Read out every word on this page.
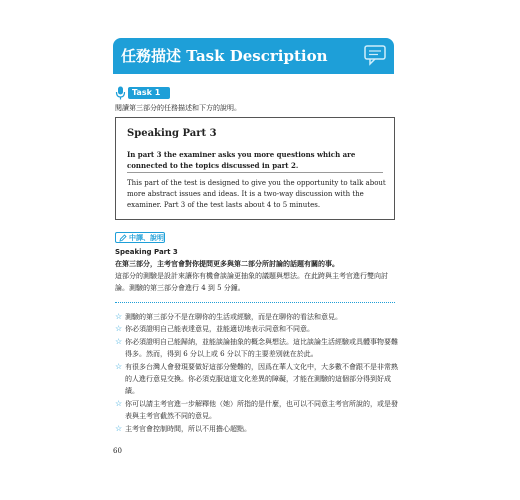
任務描述 Task Description
Task 1
閱讀第三部分的任務描述和下方的說明。
Speaking Part 3
In part 3 the examiner asks you more questions which are connected to the topics discussed in part 2.
This part of the test is designed to give you the opportunity to talk about more abstract issues and ideas. It is a two-way discussion with the examiner. Part 3 of the test lasts about 4 to 5 minutes.
中譯、說明
Speaking Part 3
在第三部分，主考官會對你提問更多與第二部分所討論的話題有關的事。
這部分的測驗是設計來讓你有機會談論更抽象的議題與想法。在此跨與主考官進行雙向討論。測驗的第三部分會進行 4 到 5 分鐘。
☆ 測驗的第三部分不是在聊你的生活或經驗，而是在聊你的看法和意見。
☆ 你必須證明自己能表達意見，並能適切地表示同意和不同意。
☆ 你必須證明自己能歸納，並能談論抽象的概念與想法。這比談論生活經驗或具體事物要難得多。然而，得到 6 分以上或 6 分以下的主要差別就在於此。
☆ 有很多台灣人會發現要做好這部分變難的，因爲在華人文化中，大多數不會跟不是非常熟的人進行意見交換。你必須克服這道文化差異的障礙，才能在測驗的這個部分得到好成績。
☆ 你可以請主考官進一步解釋他（她）所指的是什麼，也可以不同意主考官所說的，或是發表與主考官截然不同的意見。
☆ 主考官會控制時間，所以不用擔心超點。
60
